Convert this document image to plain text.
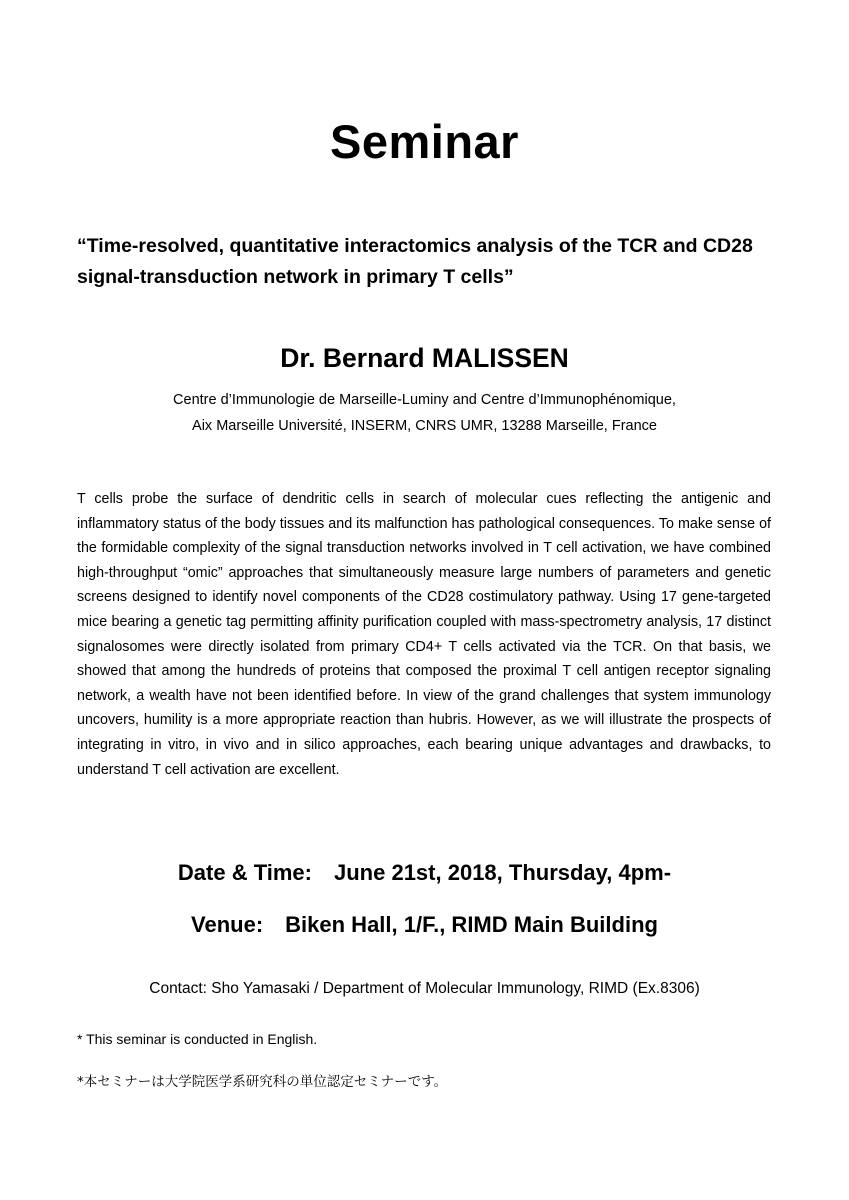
Seminar
“Time-resolved, quantitative interactomics analysis of the TCR and CD28 signal-transduction network in primary T cells”
Dr. Bernard MALISSEN
Centre d’Immunologie de Marseille-Luminy and Centre d’Immunophénomique,
Aix Marseille Université, INSERM, CNRS UMR, 13288 Marseille, France
T cells probe the surface of dendritic cells in search of molecular cues reflecting the antigenic and inflammatory status of the body tissues and its malfunction has pathological consequences. To make sense of the formidable complexity of the signal transduction networks involved in T cell activation, we have combined high-throughput “omic” approaches that simultaneously measure large numbers of parameters and genetic screens designed to identify novel components of the CD28 costimulatory pathway. Using 17 gene-targeted mice bearing a genetic tag permitting affinity purification coupled with mass-spectrometry analysis, 17 distinct signalosomes were directly isolated from primary CD4+ T cells activated via the TCR. On that basis, we showed that among the hundreds of proteins that composed the proximal T cell antigen receptor signaling network, a wealth have not been identified before. In view of the grand challenges that system immunology uncovers, humility is a more appropriate reaction than hubris. However, as we will illustrate the prospects of integrating in vitro, in vivo and in silico approaches, each bearing unique advantages and drawbacks, to understand T cell activation are excellent.
Date & Time: June 21st, 2018, Thursday, 4pm-
Venue: Biken Hall, 1/F., RIMD Main Building
Contact: Sho Yamasaki / Department of Molecular Immunology, RIMD (Ex.8306)
* This seminar is conducted in English.
*本セミナーは大学院医学系研究科の単位認定セミナーです。
